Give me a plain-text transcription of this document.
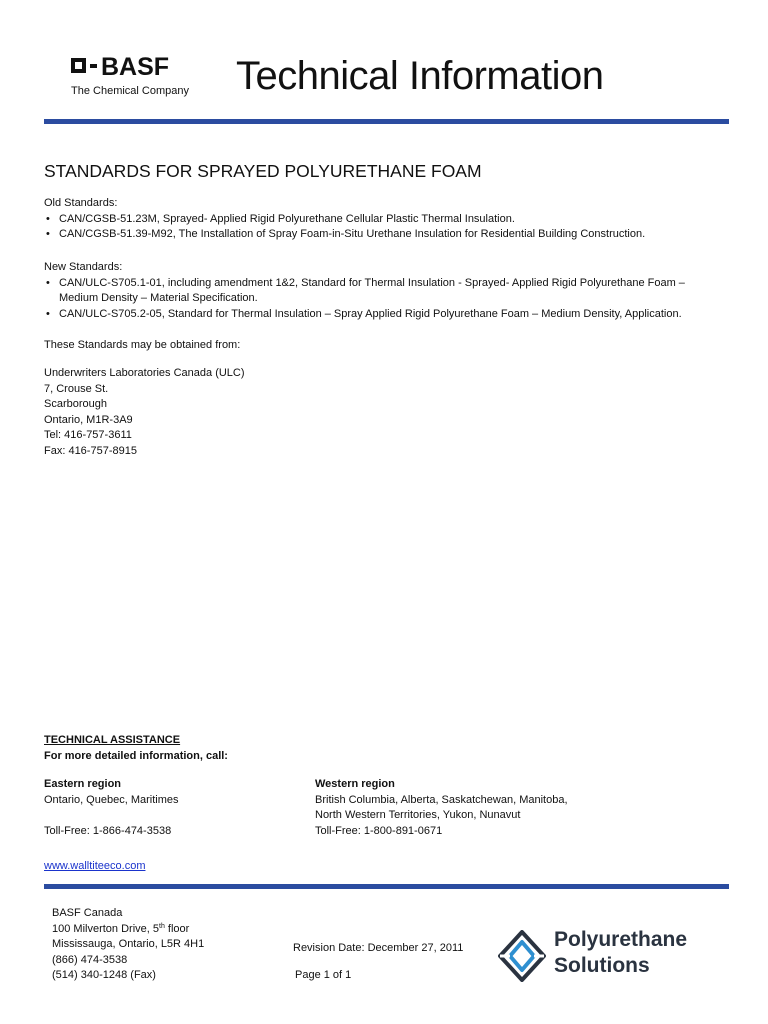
BASF
The Chemical Company Technical Information
STANDARDS FOR SPRAYED POLYURETHANE FOAM
Old Standards:
• CAN/CGSB-51.23M, Sprayed- Applied Rigid Polyurethane Cellular Plastic Thermal Insulation.
• CAN/CGSB-51.39-M92, The Installation of Spray Foam-in-Situ Urethane Insulation for Residential Building Construction.
New Standards:
• CAN/ULC-S705.1-01, including amendment 1&2, Standard for Thermal Insulation - Sprayed- Applied Rigid Polyurethane Foam – Medium Density – Material Specification.
• CAN/ULC-S705.2-05, Standard for Thermal Insulation – Spray Applied Rigid Polyurethane Foam – Medium Density, Application.
These Standards may be obtained from:
Underwriters Laboratories Canada (ULC)
7, Crouse St.
Scarborough
Ontario, M1R-3A9
Tel: 416-757-3611
Fax: 416-757-8915
TECHNICAL ASSISTANCE
For more detailed information, call:
Eastern region
Ontario, Quebec, Maritimes
Toll-Free: 1-866-474-3538
Western region
British Columbia, Alberta, Saskatchewan, Manitoba,
North Western Territories, Yukon, Nunavut
Toll-Free: 1-800-891-0671
www.walltiteeco.com
BASF Canada
100 Milverton Drive, 5th floor
Mississauga, Ontario, L5R 4H1
(866) 474-3538
(514) 340-1248 (Fax)
Revision Date: December 27, 2011
Page 1 of 1
Polyurethane
Solutions
